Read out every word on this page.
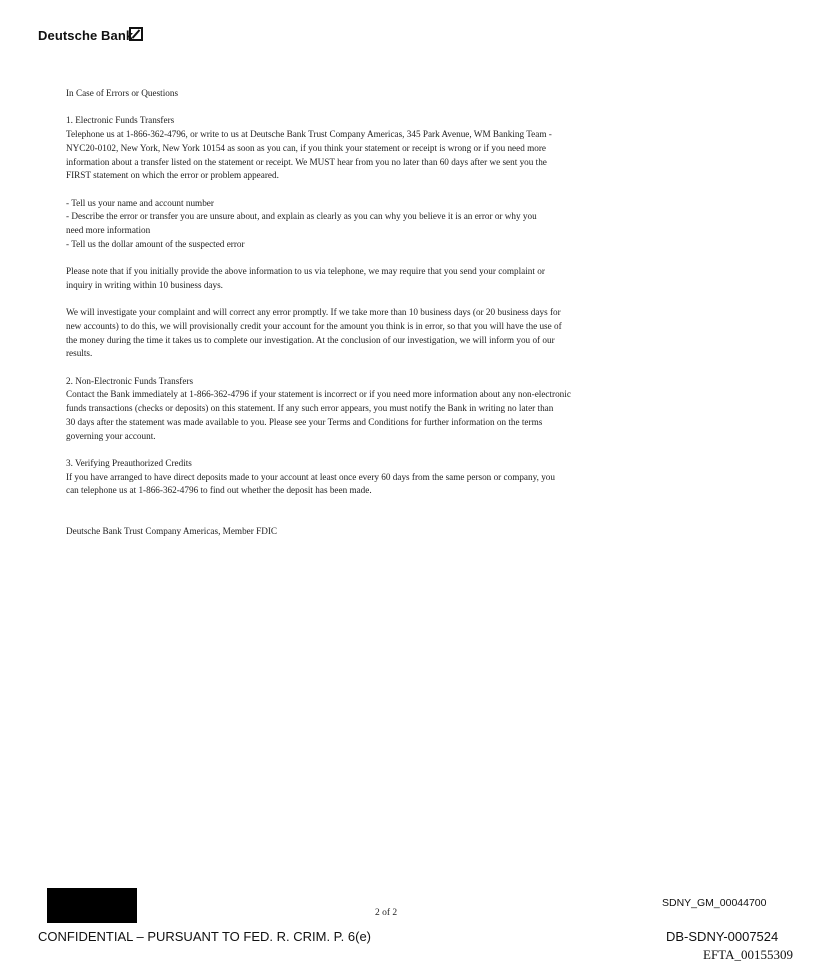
Deutsche Bank

In Case of Errors or Questions

1. Electronic Funds Transfers
Telephone us at 1-866-362-4796, or write to us at Deutsche Bank Trust Company Americas, 345 Park Avenue, WM Banking Team -
NYC20-0102, New York, New York 10154 as soon as you can, if you think your statement or receipt is wrong or if you need more
information about a transfer listed on the statement or receipt. We MUST hear from you no later than 60 days after we sent you the
FIRST statement on which the error or problem appeared.

- Tell us your name and account number
- Describe the error or transfer you are unsure about, and explain as clearly as you can why you believe it is an error or why you
need more information
- Tell us the dollar amount of the suspected error

Please note that if you initially provide the above information to us via telephone, we may require that you send your complaint or
inquiry in writing within 10 business days.

We will investigate your complaint and will correct any error promptly. If we take more than 10 business days (or 20 business days for
new accounts) to do this, we will provisionally credit your account for the amount you think is in error, so that you will have the use of
the money during the time it takes us to complete our investigation. At the conclusion of our investigation, we will inform you of our
results.

2. Non-Electronic Funds Transfers
Contact the Bank immediately at 1-866-362-4796 if your statement is incorrect or if you need more information about any non-electronic
funds transactions (checks or deposits) on this statement. If any such error appears, you must notify the Bank in writing no later than
30 days after the statement was made available to you. Please see your Terms and Conditions for further information on the terms
governing your account.

3. Verifying Preauthorized Credits
If you have arranged to have direct deposits made to your account at least once every 60 days from the same person or company, you
can telephone us at 1-866-362-4796 to find out whether the deposit has been made.

Deutsche Bank Trust Company Americas, Member FDIC

2 of 2
SDNY_GM_00044700
CONFIDENTIAL – PURSUANT TO FED. R. CRIM. P. 6(e)	DB-SDNY-0007524
EFTA_00155309
